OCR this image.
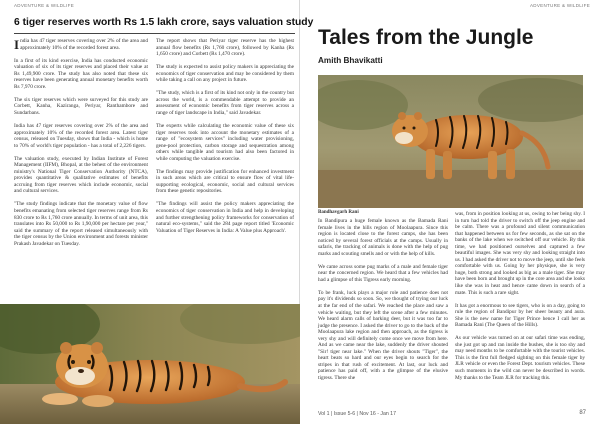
ADVENTURE & WILDLIFE
6 tiger reserves worth Rs 1.5 lakh crore, says valuation study

India has 47 tiger reserves covering over 2% of the area and approximately 10% of the recorded forest area.

In a first of its kind exercise, India has conducted economic valuation of six of its tiger reserves and placed their value at Rs 1,49,900 crore. The study has also noted that these six reserves have been generating annual monetary benefits worth Rs 7,970 crore.

The six tiger reserves which were surveyed for this study are Corbett, Kanha, Kaziranga, Periyar, Ranthambore and Sundarbans.

India has 47 tiger reserves covering over 2% of the area and approximately 10% of the recorded forest area. Latest tiger census, released on Tuesday, shows that India - which is home to 70% of world's tiger population - has a total of 2,226 tigers.

The valuation study, executed by Indian Institute of Forest Management (IIFM), Bhopal, at the behest of the environment ministry's National Tiger Conservation Authority (NTCA), provides quantitative & qualitative estimates of benefits accruing from tiger reserves which include economic, social and cultural services.

"The study findings indicate that the monetary value of flow benefits emanating from selected tiger reserves range from Rs 830 crore to Rs 1,760 crore annually. In terms of unit area, this translates into Rs 50,000 to Rs 1,90,000 per hectare per year," said the summary of the report released simultaneously with the tiger census by the Union environment and forests minister Prakash Javadekar on Tuesday.

The report shows that Periyar tiger reserve has the highest annual flow benefits (Rs 1,760 crore), followed by Kanha (Rs 1,650 crore) and Corbett (Rs 1,470 crore).

The study is expected to assist policy makers in appreciating the economics of tiger conservation and may be considered by them while taking a call on any project in future.

"The study, which is a first of its kind not only in the country but across the world, is a commendable attempt to provide an assessment of economic benefits from tiger reserves across a range of tiger landscape in India," said Javadekar.

The experts while calculating the economic value of these six tiger reserves took into account the monetary estimates of a range of "ecosystem services" including water provisioning, gene-pool protection, carbon storage and sequestration among others while tangible and tourism had also been factored in while computing the valuation exercise.

The findings may provide justification for enhanced investment in such areas which are critical to ensure flow of vital life-supporting ecological, economic, social and cultural services from these genetic repositories.

"The findings will assist the policy makers appreciating the economics of tiger conservation in India and help in developing and further strengthening policy frameworks for conservation of natural eco-systems," said the 284 page report titled 'Economic Valuation of Tiger Reserves in India: A Value plus Approach'.

ADVENTURE & WILDLIFE
Tales from the Jungle
Amith Bhavikatti
Bandhavgarh Rani

In Bandipura a huge female known as the Bamada Rani female lives in the hills region of Moolaapura. Since this region is located close to the forest camps, she has been noticed by several forest officials at the camps. Usually in safaris, the tracking of animals is done with the help of pug marks and scouting smells and or with the help of kills.

We came across some pug marks of a male and female tiger near the concerned region. We heard that a few vehicles had had a glimpse of this Tigress early morning.

To be frank, luck plays a major role and patience does not pay it's dividends so soon. So, we thought of trying our luck at the far end of the safari. We reached the place and saw a vehicle waiting, but they left the scene after a few minutes. We heard alarm calls of barking deer, but it was too far to judge the presence. I asked the driver to go to the back of the Moolaapura lake region and then approach, as the tigress is very shy and will definitely come once we move from here. And as we came near the lake, suddenly the driver shouted "Sir! tiger near lake." When the driver shouts "Tiger", the heart beats so hard and our eyes begin to search for the stripes in that rush of excitement. At last, our luck and patience has paid off, with a the glimpse of the elusive tigress. There she

was, from in position looking at us, owing to her being shy. I in turn had told the driver to switch off the jeep engine and be calm. There was a profound and silent communication that happened between us for few seconds, as she sat on the banks of the lake when we switched off our vehicle. By this time, we had positioned ourselves and captured a few beautiful images. She was very shy and looking straight into us. I had asked the driver not to move the jeep, until she feels comfortable with us. Going by her physique, she is very huge, both strong and looked as big as a male tiger. She may have been born and brought up in the core area and she looks like she was in heat and hence came down in search of a mate. This is such a rare sight.

It has got a enormous to see tigers, who is on a day, going to rule the region of Bandipur by her sheer beauty and aura. She is the new name for Tiger Prince hence I call her as Bamada Rani (The Queen of the Hills).

As our vehicle was turned on at our safari time was ending, she just got up and ran inside the bushes, she is too shy and may need months to be comfortable with the tourist vehicles. This is the first full fledged sighting on this female tiger by JLR vehicle or even the Forest Dept. tourism vehicles. These such moments in the wild can never be described in words. My thanks to the Team JLR for tracking this.

Vol 1 | Issue 5-6 | Nov 16 - Jan 17	87
